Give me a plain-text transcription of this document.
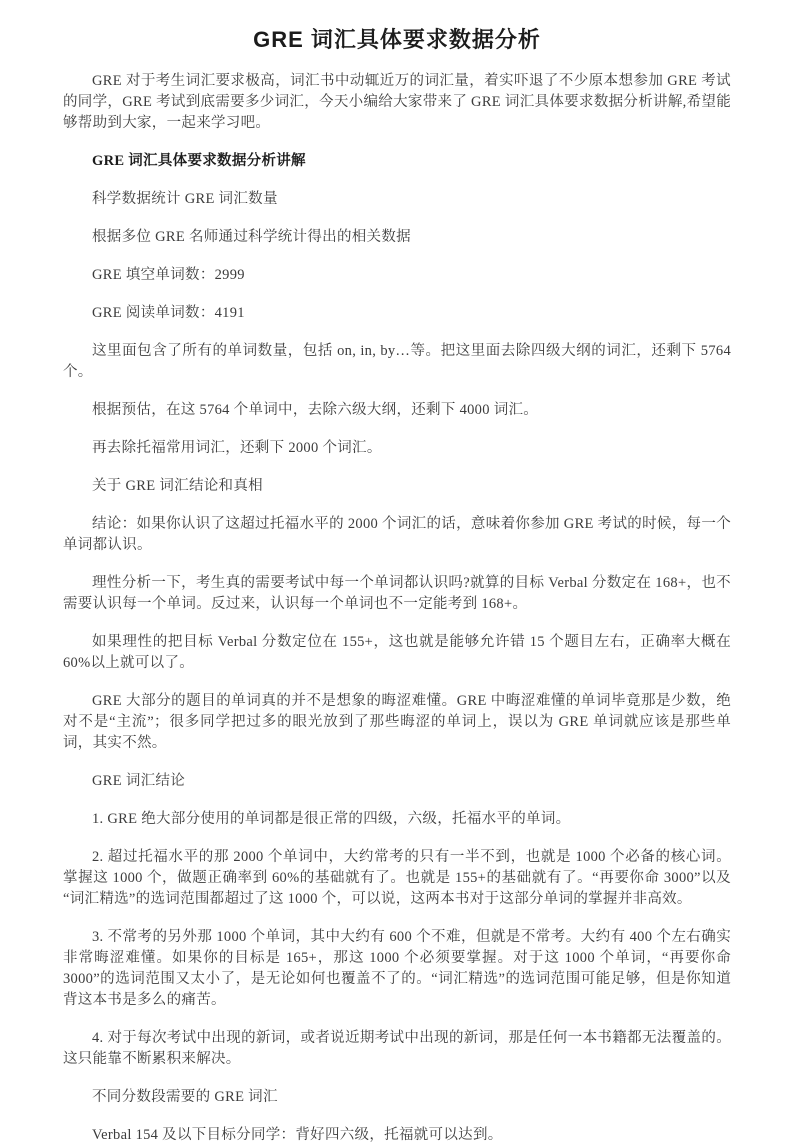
GRE 词汇具体要求数据分析

GRE 对于考生词汇要求极高，词汇书中动辄近万的词汇量，着实吓退了不少原本想参加 GRE 考试的同学，GRE 考试到底需要多少词汇，今天小编给大家带来了 GRE 词汇具体要求数据分析讲解,希望能够帮助到大家，一起来学习吧。

GRE 词汇具体要求数据分析讲解

科学数据统计 GRE 词汇数量

根据多位 GRE 名师通过科学统计得出的相关数据

GRE 填空单词数：2999

GRE 阅读单词数：4191

这里面包含了所有的单词数量，包括 on, in, by…等。把这里面去除四级大纲的词汇，还剩下 5764 个。

根据预估，在这 5764 个单词中，去除六级大纲，还剩下 4000 词汇。

再去除托福常用词汇，还剩下 2000 个词汇。

关于 GRE 词汇结论和真相

结论：如果你认识了这超过托福水平的 2000 个词汇的话，意味着你参加 GRE 考试的时候，每一个单词都认识。

理性分析一下，考生真的需要考试中每一个单词都认识吗?就算的目标 Verbal 分数定在 168+，也不需要认识每一个单词。反过来，认识每一个单词也不一定能考到 168+。

如果理性的把目标 Verbal 分数定位在 155+，这也就是能够允许错 15 个题目左右，正确率大概在 60%以上就可以了。

GRE 大部分的题目的单词真的并不是想象的晦涩难懂。GRE 中晦涩难懂的单词毕竟那是少数，绝对不是“主流”；很多同学把过多的眼光放到了那些晦涩的单词上，误以为 GRE 单词就应该是那些单词，其实不然。

GRE 词汇结论

1. GRE 绝大部分使用的单词都是很正常的四级，六级，托福水平的单词。

2. 超过托福水平的那 2000 个单词中，大约常考的只有一半不到，也就是 1000 个必备的核心词。掌握这 1000 个，做题正确率到 60%的基础就有了。也就是 155+的基础就有了。“再要你命 3000”以及“词汇精选”的选词范围都超过了这 1000 个，可以说，这两本书对于这部分单词的掌握并非高效。

3. 不常考的另外那 1000 个单词，其中大约有 600 个不难，但就是不常考。大约有 400 个左右确实非常晦涩难懂。如果你的目标是 165+，那这 1000 个必须要掌握。对于这 1000 个单词，“再要你命 3000”的选词范围又太小了，是无论如何也覆盖不了的。“词汇精选”的选词范围可能足够，但是你知道背这本书是多么的痛苦。

4. 对于每次考试中出现的新词，或者说近期考试中出现的新词，那是任何一本书籍都无法覆盖的。这只能靠不断累积来解决。

不同分数段需要的 GRE 词汇

Verbal 154 及以下目标分同学：背好四六级，托福就可以达到。
